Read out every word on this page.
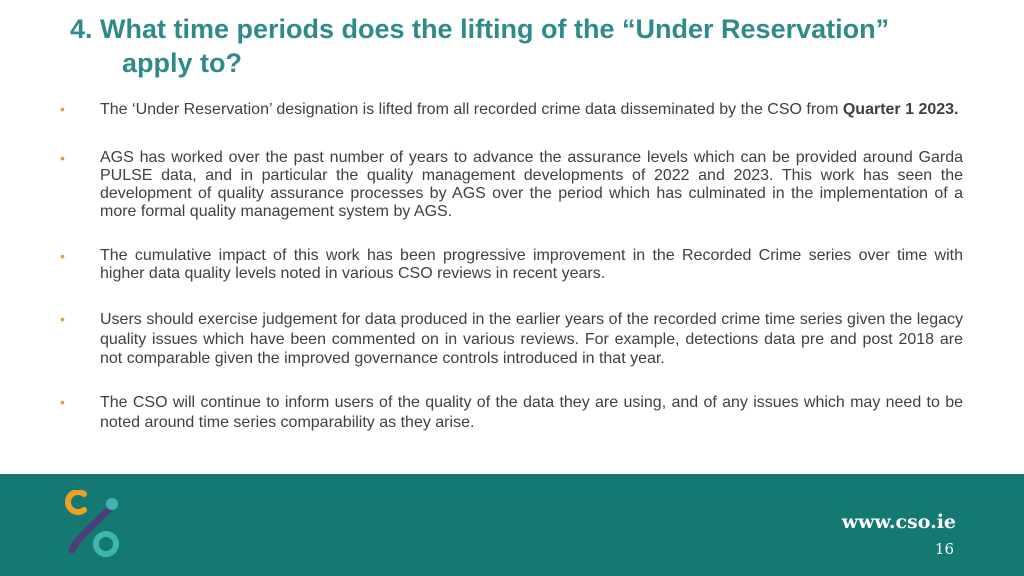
4. What time periods does the lifting of the “Under Reservation”
apply to?
• The ‘Under Reservation’ designation is lifted from all recorded crime data disseminated by the CSO from Quarter 1 2023.
• AGS has worked over the past number of years to advance the assurance levels which can be provided around Garda PULSE data, and in particular the quality management developments of 2022 and 2023. This work has seen the development of quality assurance processes by AGS over the period which has culminated in the implementation of a more formal quality management system by AGS.
• The cumulative impact of this work has been progressive improvement in the Recorded Crime series over time with higher data quality levels noted in various CSO reviews in recent years.
• Users should exercise judgement for data produced in the earlier years of the recorded crime time series given the legacy quality issues which have been commented on in various reviews. For example, detections data pre and post 2018 are not comparable given the improved governance controls introduced in that year.
• The CSO will continue to inform users of the quality of the data they are using, and of any issues which may need to be noted around time series comparability as they arise.
www.cso.ie
16
